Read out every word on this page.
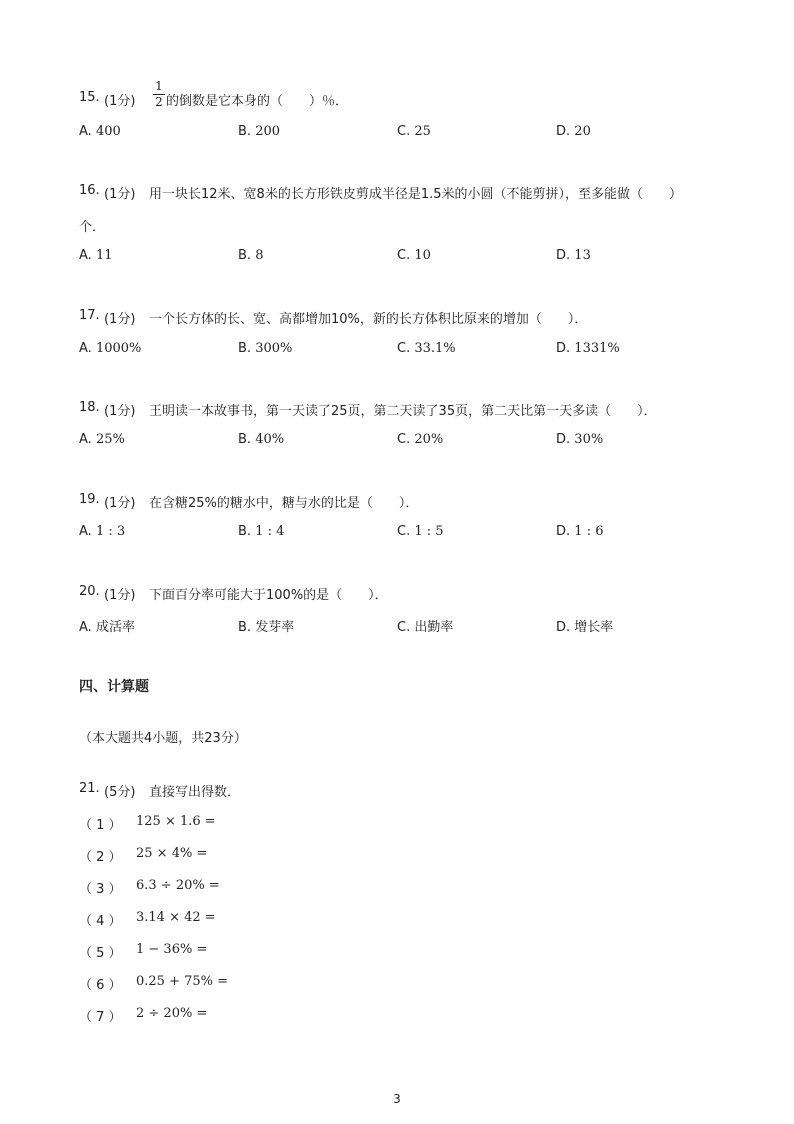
15. (1分)
1
2 的倒数是它本身的（　　）％．
A. 400	B. 200	C. 25	D. 20
16. (1分) 用一块长12米、宽8米的长方形铁皮剪成半径是1.5米的小圆（不能剪拼），至多能做（　　）
个．
A. 11	B. 8	C. 10	D. 13
17. (1分) 一个长方体的长、宽、高都增加10%，新的长方体积比原来的增加（　　）．
A. 1000%	B. 300%	C. 33.1%	D. 1331%
18. (1分) 王明读一本故事书，第一天读了25页，第二天读了35页，第二天比第一天多读（　　）．
A. 25%	B. 40%	C. 20%	D. 30%
19. (1分) 在含糖25%的糖水中，糖与水的比是（　　）．
A. 1 : 3	B. 1 : 4	C. 1 : 5	D. 1 : 6
20. (1分) 下面百分率可能大于100%的是（　　）．
A. 成活率	B. 发芽率	C. 出勤率	D. 增长率
四、计算题
（本大题共4小题，共23分）
21. (5分) 直接写出得数．
（ 1 ） 125 × 1.6 =
（ 2 ） 25 × 4% =
（ 3 ） 6.3 ÷ 20% =
（ 4 ） 3.14 × 42 =
（ 5 ） 1 − 36% =
（ 6 ） 0.25 + 75% =
（ 7 ） 2 ÷ 20% =
3
